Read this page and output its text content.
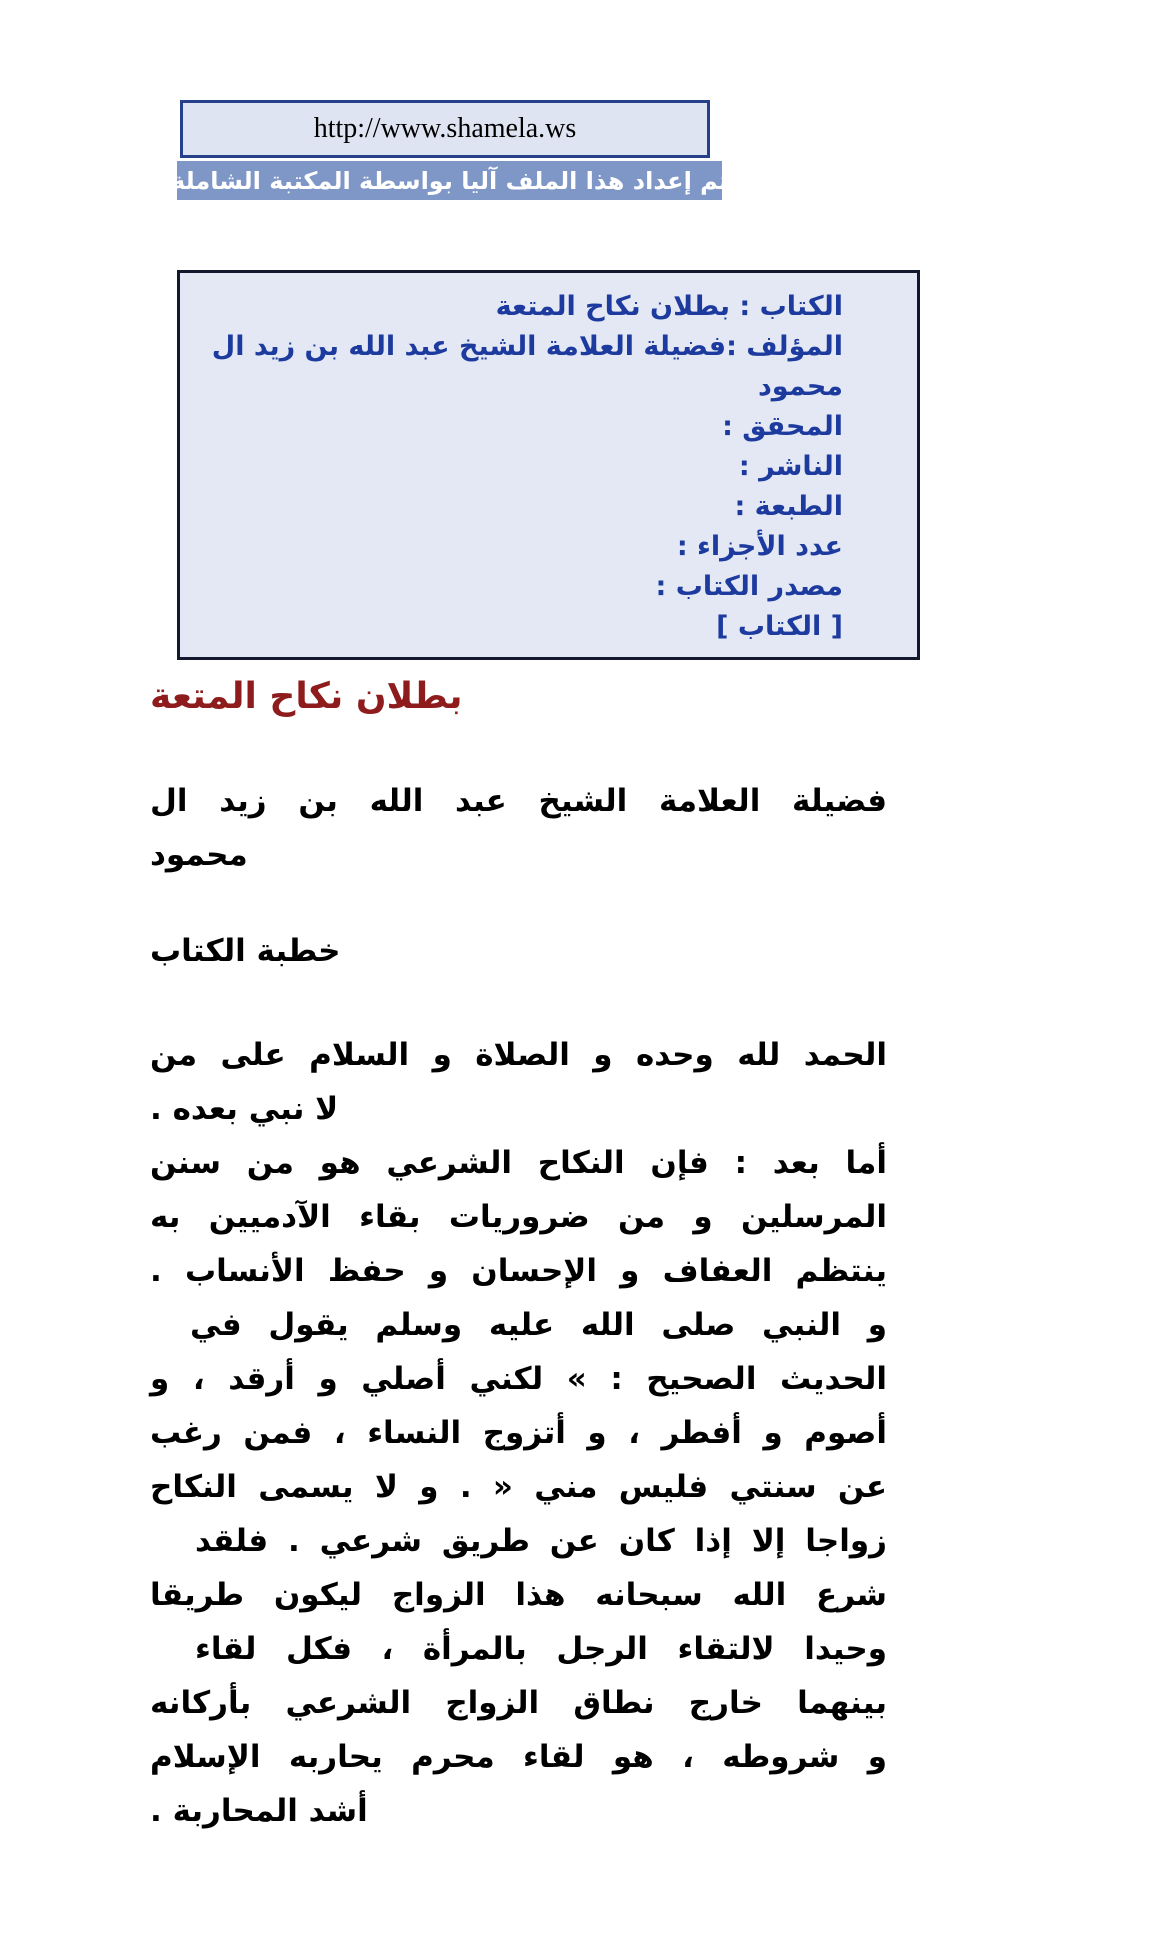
http://www.shamela.ws
تم إعداد هذا الملف آليا بواسطة المكتبة الشاملة
الكتاب : بطلان نكاح المتعة
المؤلف :فضيلة العلامة الشيخ عبد الله بن زيد ال
محمود
المحقق :
الناشر :
الطبعة :
عدد الأجزاء :
مصدر الكتاب :
[ الكتاب ]
بطلان نكاح المتعة
فضيلة العلامة الشيخ عبد الله بن زيد ال
محمود
خطبة الكتاب
الحمد لله وحده و الصلاة و السلام على من
لا نبي بعده .
أما بعد : فإن النكاح الشرعي هو من سنن
المرسلين و من ضروريات بقاء الآدميين به
ينتظم العفاف و الإحسان و حفظ الأنساب .
و النبي صلى الله عليه وسلم يقول في
الحديث الصحيح : » لكني أصلي و أرقد ، و
أصوم و أفطر ، و أتزوج النساء ، فمن رغب
عن سنتي فليس مني « . و لا يسمى النكاح
زواجا إلا إذا كان عن طريق شرعي . فلقد
شرع الله سبحانه هذا الزواج ليكون طريقا
وحيدا لالتقاء الرجل بالمرأة ، فكل لقاء
بينهما خارج نطاق الزواج الشرعي بأركانه
و شروطه ، هو لقاء محرم يحاربه الإسلام
أشد المحاربة .
